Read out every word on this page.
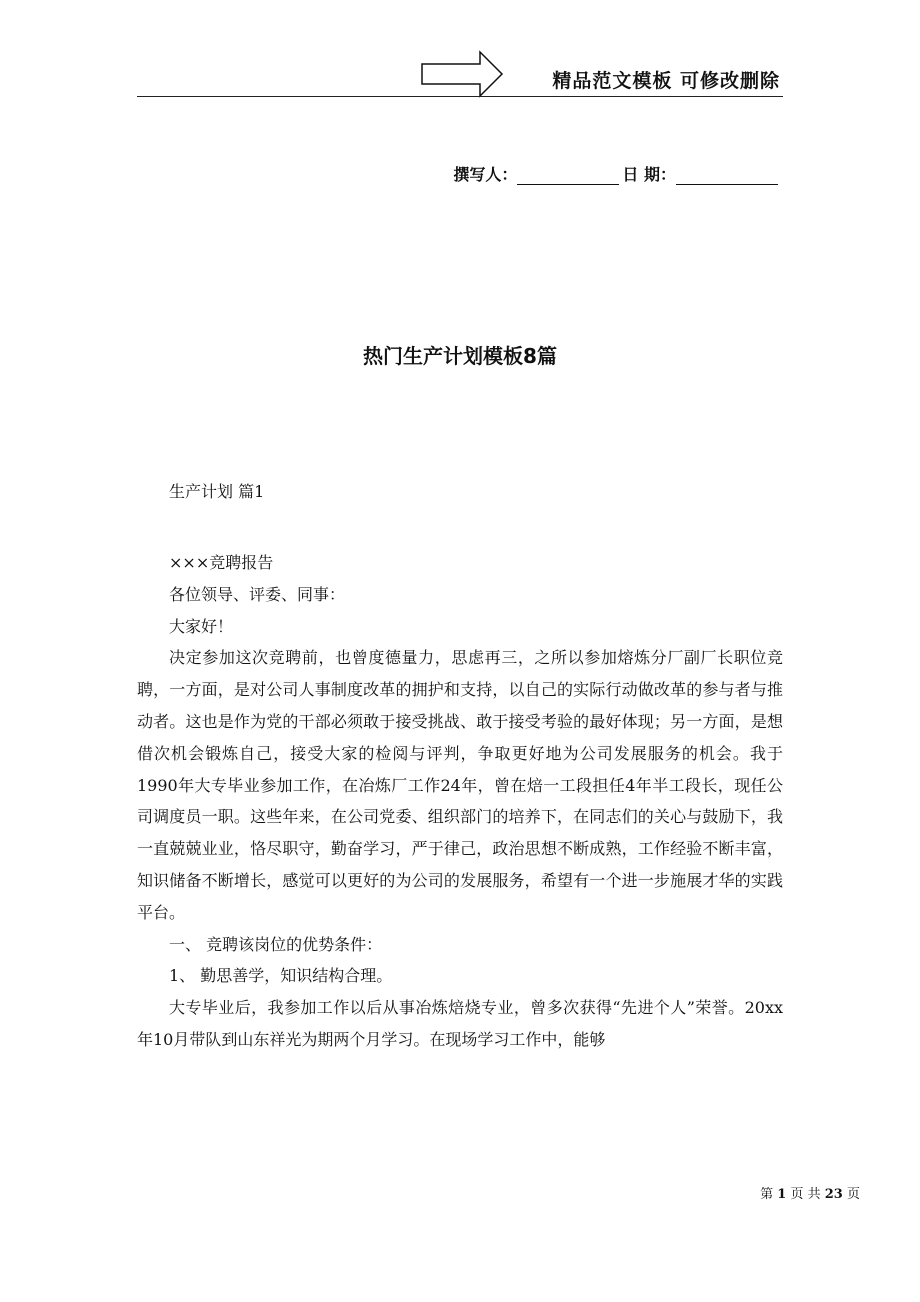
精品范文模板 可修改删除
撰写人：	日 期：
热门生产计划模板8篇

生产计划 篇1

×××竞聘报告

各位领导、评委、同事：

大家好！

决定参加这次竞聘前，也曾度德量力，思虑再三，之所以参加熔炼分厂副厂长职位竞聘，一方面，是对公司人事制度改革的拥护和支持，以自己的实际行动做改革的参与者与推动者。这也是作为党的干部必须敢于接受挑战、敢于接受考验的最好体现；另一方面，是想借次机会锻炼自己，接受大家的检阅与评判，争取更好地为公司发展服务的机会。我于1990年大专毕业参加工作，在冶炼厂工作24年，曾在焙一工段担任4年半工段长，现任公司调度员一职。这些年来，在公司党委、组织部门的培养下，在同志们的关心与鼓励下，我一直兢兢业业，恪尽职守，勤奋学习，严于律己，政治思想不断成熟，工作经验不断丰富，知识储备不断增长，感觉可以更好的为公司的发展服务，希望有一个进一步施展才华的实践平台。

一、 竞聘该岗位的优势条件：

1、 勤思善学，知识结构合理。

大专毕业后，我参加工作以后从事冶炼焙烧专业，曾多次获得“先进个人”荣誉。20xx年10月带队到山东祥光为期两个月学习。在现场学习工作中，能够

第 1 页 共 23 页
